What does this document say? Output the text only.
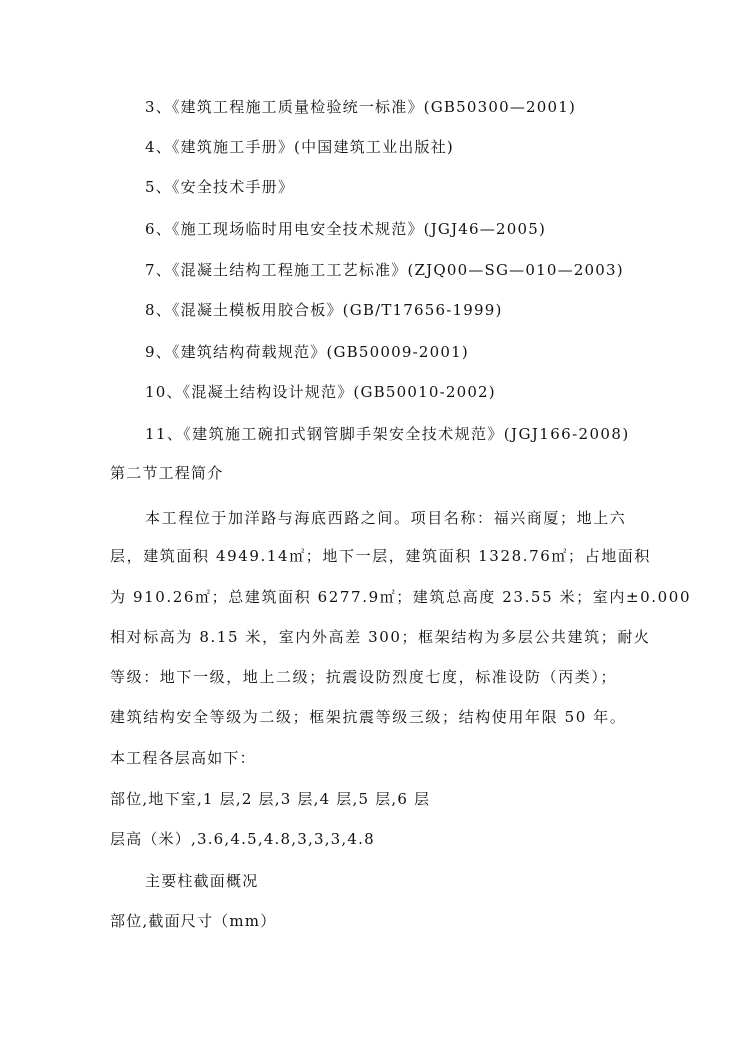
3、《建筑工程施工质量检验统一标准》(GB50300—2001)
4、《建筑施工手册》(中国建筑工业出版社)
5、《安全技术手册》
6、《施工现场临时用电安全技术规范》(JGJ46—2005)
7、《混凝土结构工程施工工艺标准》(ZJQ00—SG—010—2003)
8、《混凝土模板用胶合板》(GB/T17656-1999)
9、《建筑结构荷载规范》(GB50009-2001)
10、《混凝土结构设计规范》(GB50010-2002)
11、《建筑施工碗扣式钢管脚手架安全技术规范》(JGJ166-2008)
第二节工程简介
本工程位于加洋路与海底西路之间。项目名称：福兴商厦；地上六
层，建筑面积 4949.14㎡；地下一层，建筑面积 1328.76㎡；占地面积
为 910.26㎡；总建筑面积 6277.9㎡；建筑总高度 23.55 米；室内±0.000
相对标高为 8.15 米，室内外高差 300；框架结构为多层公共建筑；耐火
等级：地下一级，地上二级；抗震设防烈度七度，标准设防（丙类）；
建筑结构安全等级为二级；框架抗震等级三级；结构使用年限 50 年。
本工程各层高如下：
部位,地下室,1 层,2 层,3 层,4 层,5 层,6 层
层高（米）,3.6,4.5,4.8,3,3,3,4.8
主要柱截面概况
部位,截面尺寸（mm）
